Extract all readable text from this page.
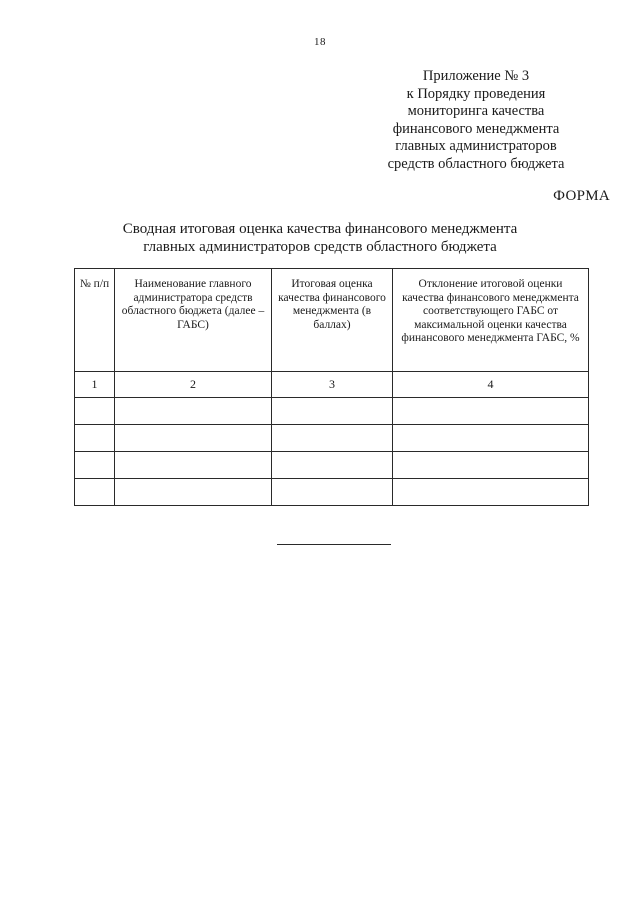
18
Приложение № 3
к Порядку проведения
мониторинга качества
финансового менеджмента
главных администраторов
средств областного бюджета
ФОРМА
Сводная итоговая оценка качества финансового менеджмента
главных администраторов средств областного бюджета
№ п/п	Наименование главного администратора средств областного бюджета (далее – ГАБС)	Итоговая оценка качества финансового менеджмента (в баллах)	Отклонение итоговой оценки качества финансового менеджмента соответствующего ГАБС от максимальной оценки качества финансового менеджмента ГАБС, %

1	2	3	4
